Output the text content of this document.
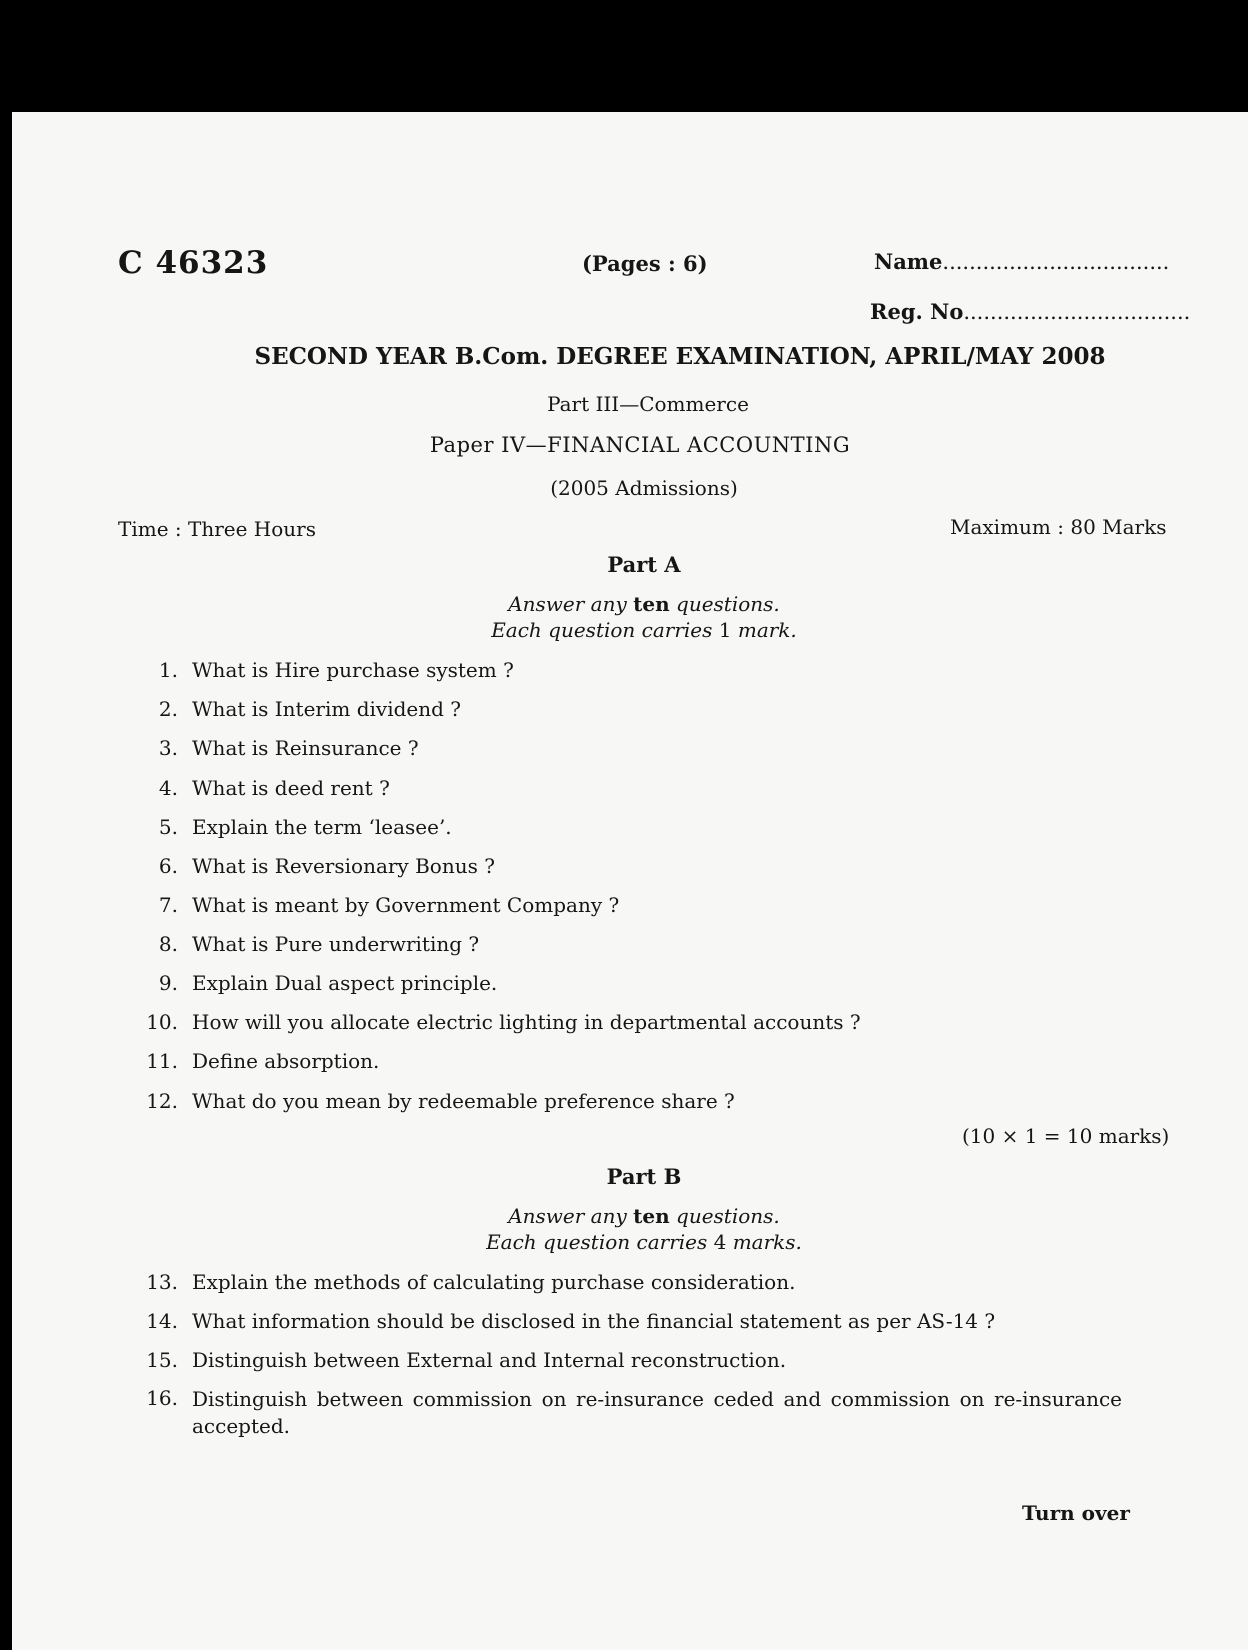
C 46323	(Pages : 6)	Name..................................
Reg. No..................................
SECOND YEAR B.Com. DEGREE EXAMINATION, APRIL/MAY 2008
Part III—Commerce
Paper IV—FINANCIAL ACCOUNTING
(2005 Admissions)
Time : Three Hours	Maximum : 80 Marks
Part A
Answer any ten questions.
Each question carries 1 mark.
1. What is Hire purchase system ?
2. What is Interim dividend ?
3. What is Reinsurance ?
4. What is deed rent ?
5. Explain the term ‘leasee’.
6. What is Reversionary Bonus ?
7. What is meant by Government Company ?
8. What is Pure underwriting ?
9. Explain Dual aspect principle.
10. How will you allocate electric lighting in departmental accounts ?
11. Define absorption.
12. What do you mean by redeemable preference share ?
(10 × 1 = 10 marks)
Part B
Answer any ten questions.
Each question carries 4 marks.
13. Explain the methods of calculating purchase consideration.
14. What information should be disclosed in the financial statement as per AS-14 ?
15. Distinguish between External and Internal reconstruction.
16. Distinguish between commission on re-insurance ceded and commission on re-insurance accepted.
Turn over
